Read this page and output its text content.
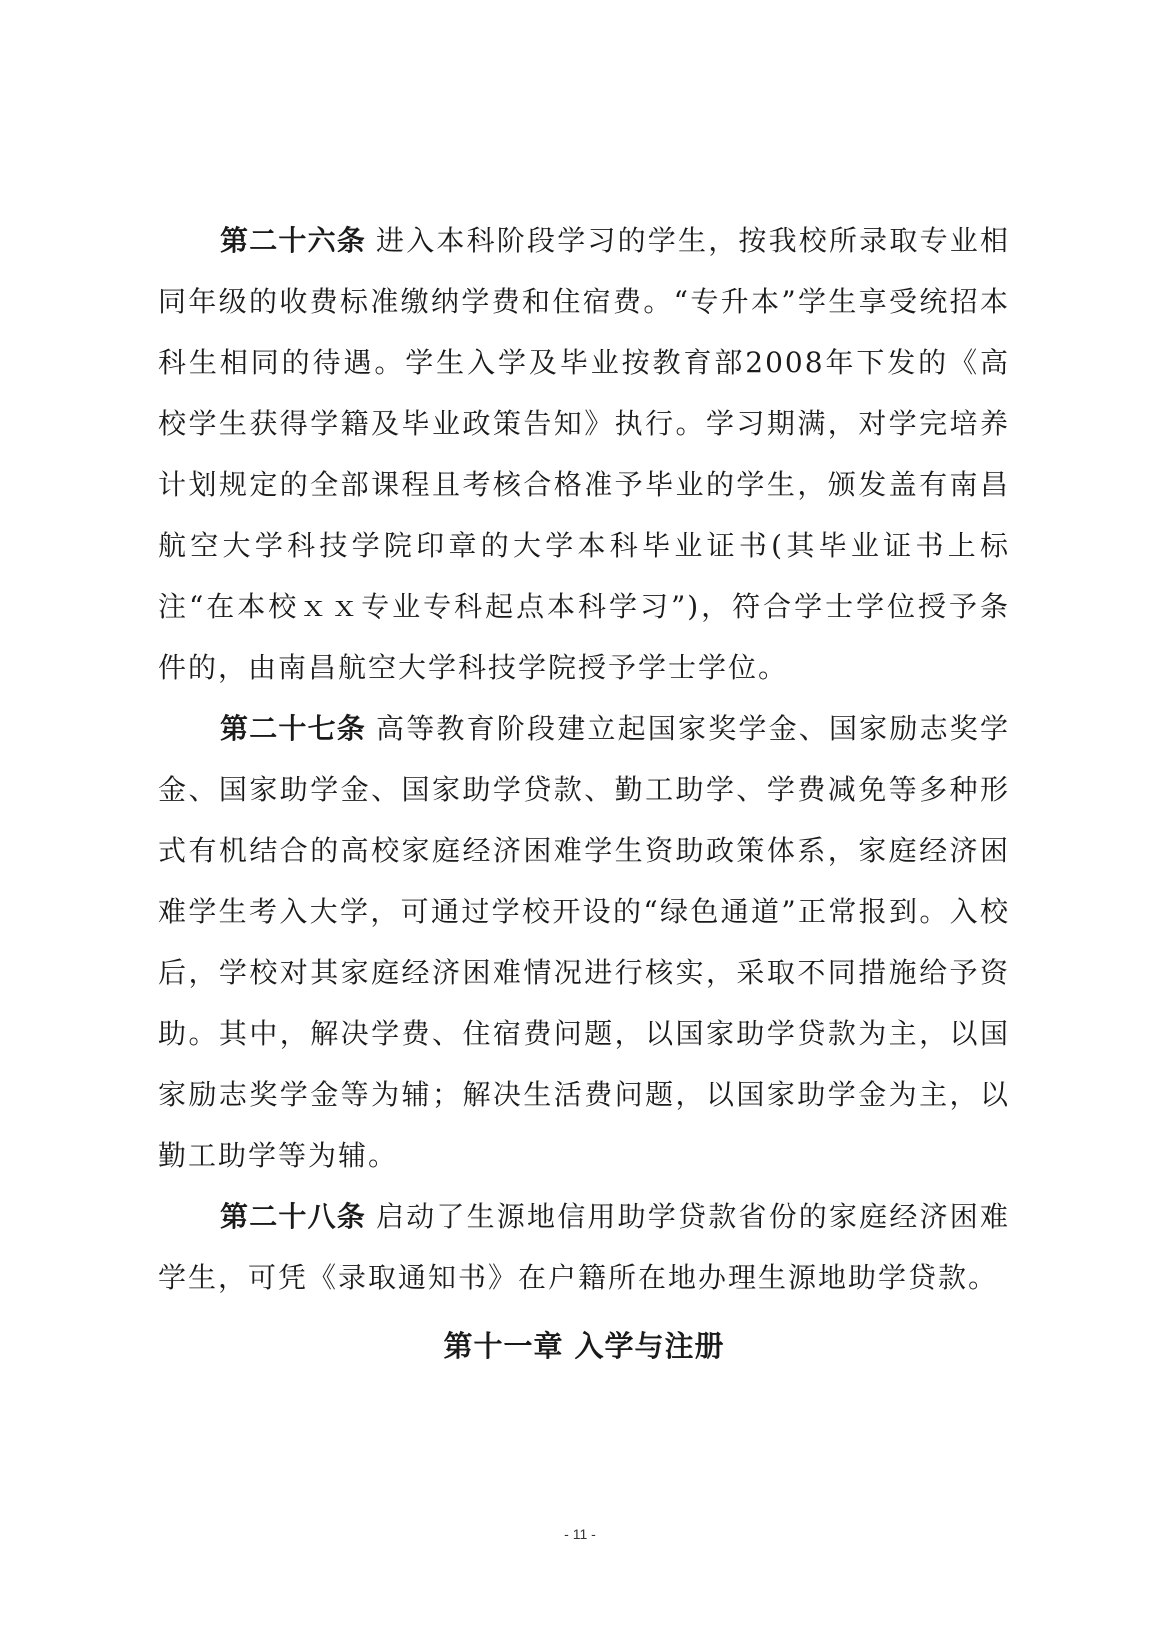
第二十六条 进入本科阶段学习的学生，按我校所录取专业相同年级的收费标准缴纳学费和住宿费。“专升本”学生享受统招本科生相同的待遇。学生入学及毕业按教育部2008年下发的《高校学生获得学籍及毕业政策告知》执行。学习期满，对学完培养计划规定的全部课程且考核合格准予毕业的学生，颁发盖有南昌航空大学科技学院印章的大学本科毕业证书(其毕业证书上标注“在本校ｘｘ专业专科起点本科学习”)，符合学士学位授予条件的，由南昌航空大学科技学院授予学士学位。

第二十七条 高等教育阶段建立起国家奖学金、国家励志奖学金、国家助学金、国家助学贷款、勤工助学、学费减免等多种形式有机结合的高校家庭经济困难学生资助政策体系，家庭经济困难学生考入大学，可通过学校开设的“绿色通道”正常报到。入校后，学校对其家庭经济困难情况进行核实，采取不同措施给予资助。其中，解决学费、住宿费问题，以国家助学贷款为主，以国家励志奖学金等为辅；解决生活费问题，以国家助学金为主，以勤工助学等为辅。

第二十八条 启动了生源地信用助学贷款省份的家庭经济困难学生，可凭《录取通知书》在户籍所在地办理生源地助学贷款。

第十一章 入学与注册
- 11 -
